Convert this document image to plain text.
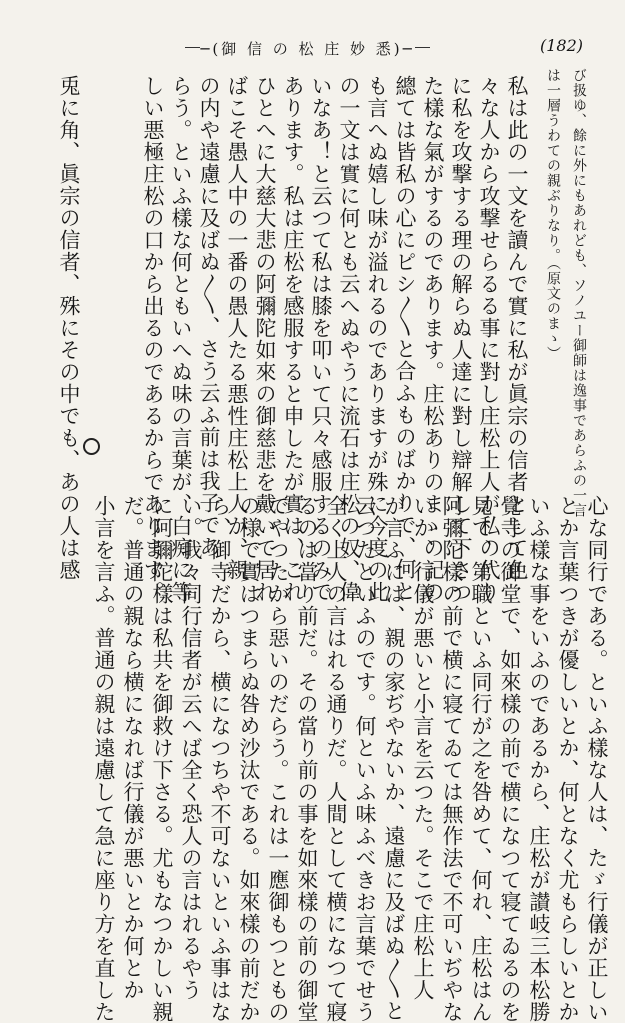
─(御 信 の 松 庄 妙 悉)─	(182)
び扱ゆ、餘に外にもあれども、ソノユー御師は逸事であらふの一言
は一層うわての親ぶりなり。（原文のまゝ）
私は此の一文を讀んで實に私が眞宗の信者として色
々な人から攻撃せらるる事に對し庄松上人が私の代り
に私を攻撃する理の解らぬ人達に對し辯解して下さつ
た樣な氣がするのであります。庄松ありのまゝの記の
總ては皆私の心にピシ〳〵と合ふものばかりで、何と
も言へぬ嬉し味が溢れるのでありますが殊に今度の此
の一文は實に何とも云へぬやうに流石は庄松の奴、偉
いなあ！と云つて私は膝を叩いて只々感服するのみで
あります。私は庄松を感服すると申したが實は、これ
ひとへに大慈大悲の阿彌陀如來の御慈悲を戴いて居れ
ばこそ愚人中の一番の愚人たる悪性庄松上人が、親
の内や遠慮に及ばぬ〳〵、さう云ふ前は我子であ
らう。といふ樣な何ともいへぬ味の言葉が、白痴に等
しい悪極庄松の口から出るのであるからであります。
兎に角、眞宗の信者、殊にその中でも、あの人は感
心な同行である。といふ樣な人は、たゞ行儀が正しい
とか言葉つきが優しいとか、何となく尤もらしいとか
いふ樣な事をいふのであるから、庄松が讃岐三本松勝
覺寺の御堂で、如來樣の前で横になつて寝てゐるのを
見て、第職といふ同行が之を咎めて、何れ、庄松はん
阿彌陀樣の前で横に寝てゐては無作法で不可いぢやな
いか、行儀が悪いと小言を云つた。そこで庄松上人
が言ふには、親の家ぢやないか、遠慮に及ばぬ〳〵と
云つたといふのです。何といふ味ふべきお言葉でせう
全く上人の言はれる通りだ。人間として横になつて寢
るのは當り前だ。その當り前の事を如來樣の前の御堂
でやつたから惡いのだらう。これは一應御もつともの
の様で實はつまらぬ咎め沙汰である。如來樣の前だか
ら、御寺だから、横になつちや不可ないといふ事はな
い。我々同行信者が云へば全く恐人の言はれるやう
に阿彌陀樣は私共を御救け下さる。尤もなつかしい親
だ。普通の親なら横になれば行儀が悪いとか何とか
小言を言ふ。普通の親は遠慮して急に座り方を直した
